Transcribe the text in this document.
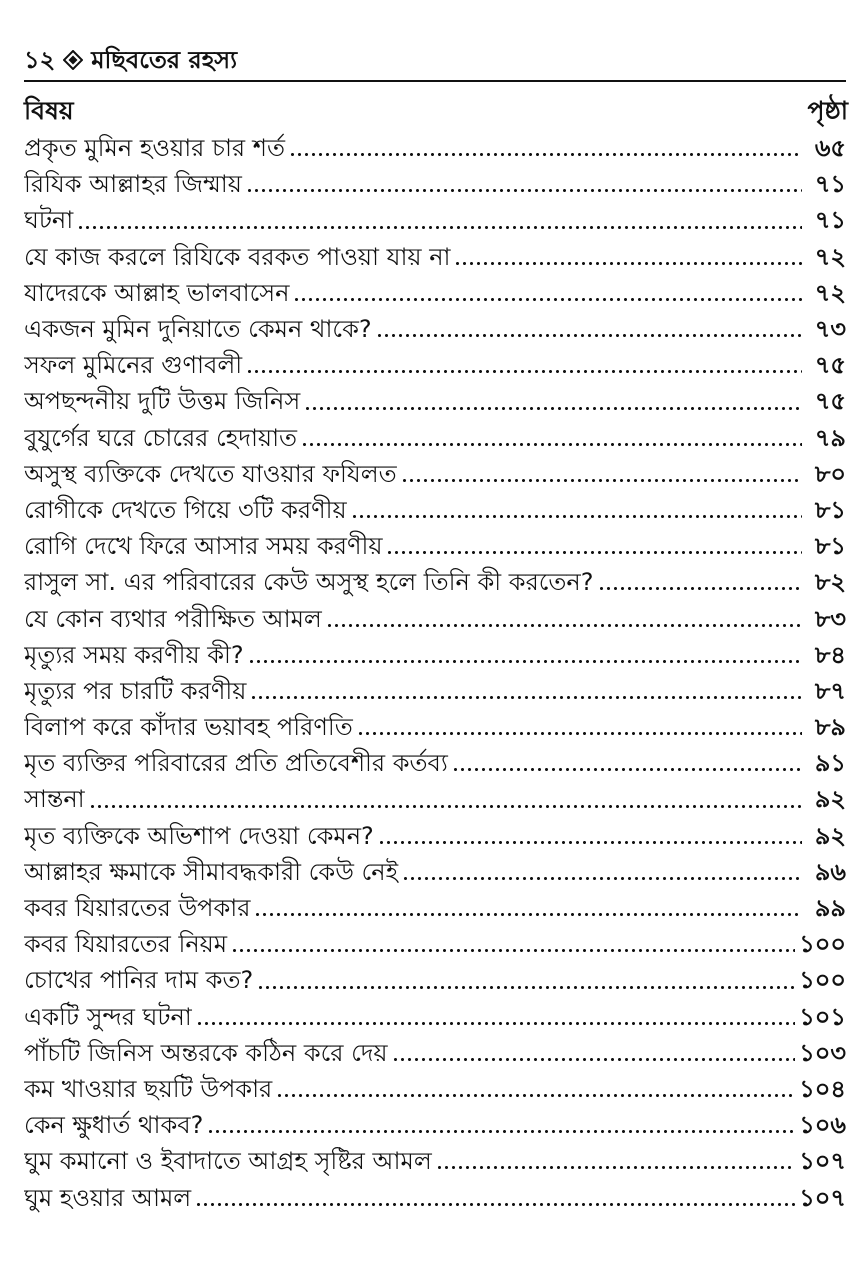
১২ মছিবতের রহস্য
বিষয়	পৃষ্ঠা
প্রকৃত মুমিন হওয়ার চার শর্ত	৬৫
রিযিক আল্লাহর জিম্মায়	৭১
ঘটনা	৭১
যে কাজ করলে রিযিকে বরকত পাওয়া যায় না	৭২
যাদেরকে আল্লাহ ভালবাসেন	৭২
একজন মুমিন দুনিয়াতে কেমন থাকে?	৭৩
সফল মুমিনের গুণাবলী	৭৫
অপছন্দনীয় দুটি উত্তম জিনিস	৭৫
বুযুর্গের ঘরে চোরের হেদায়াত	৭৯
অসুস্থ ব্যক্তিকে দেখতে যাওয়ার ফযিলত	৮০
রোগীকে দেখতে গিয়ে ৩টি করণীয়	৮১
রোগি দেখে ফিরে আসার সময় করণীয়	৮১
রাসুল সা. এর পরিবারের কেউ অসুস্থ হলে তিনি কী করতেন?	৮২
যে কোন ব্যথার পরীক্ষিত আমল	৮৩
মৃত্যুর সময় করণীয় কী?	৮৪
মৃত্যুর পর চারটি করণীয়	৮৭
বিলাপ করে কাঁদার ভয়াবহ পরিণতি	৮৯
মৃত ব্যক্তির পরিবারের প্রতি প্রতিবেশীর কর্তব্য	৯১
সান্তনা	৯২
মৃত ব্যক্তিকে অভিশাপ দেওয়া কেমন?	৯২
আল্লাহর ক্ষমাকে সীমাবদ্ধকারী কেউ নেই	৯৬
কবর যিয়ারতের উপকার	৯৯
কবর যিয়ারতের নিয়ম	১০০
চোখের পানির দাম কত?	১০০
একটি সুন্দর ঘটনা	১০১
পাঁচটি জিনিস অন্তরকে কঠিন করে দেয়	১০৩
কম খাওয়ার ছয়টি উপকার	১০৪
কেন ক্ষুধার্ত থাকব?	১০৬
ঘুম কমানো ও ইবাদাতে আগ্রহ সৃষ্টির আমল	১০৭
ঘুম হওয়ার আমল	১০৭
